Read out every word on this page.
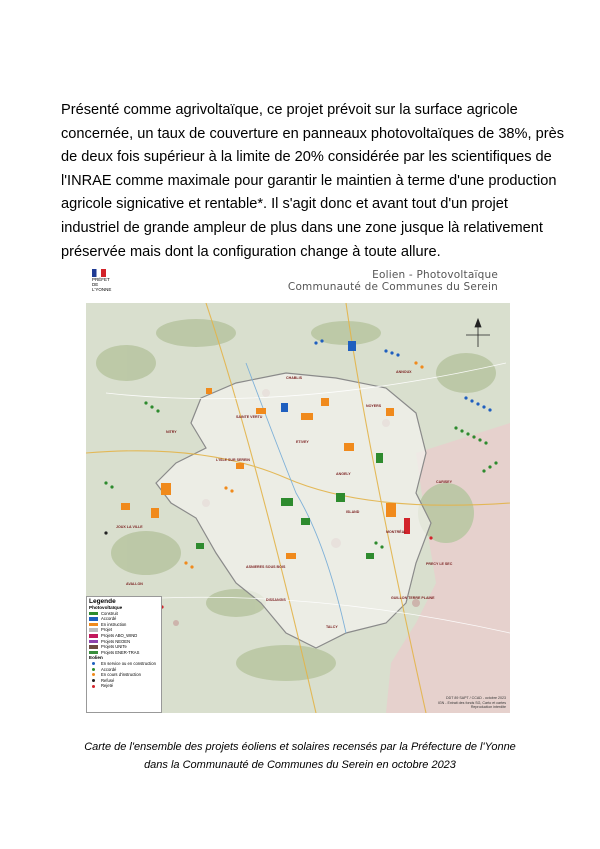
Présenté comme agrivoltaïque, ce projet prévoit sur la surface agricole
concernée, un taux de couverture en panneaux photovoltaïques de 38%, près
de deux fois supérieur à la limite de 20% considérée par les scientifiques de
l'INRAE comme maximale pour garantir le maintien à terme d'une production
agricole signicative et rentable*. Il s'agit donc et avant tout d'un projet
industriel de grande ampleur de plus dans une zone jusque là relativement
préservée mais dont la configuration change à toute allure.
PRÉFET
DE L'YONNE
Eolien - Photovoltaïque
Communauté de Communes du Serein
NOYERS
GUILLON TERRE PLAINE
CHABLIS
L'ISLE SUR SEREIN
JOUX LA VILLE
ANGELY
MONTRÉAL
AVALLON
ETIVEY
SAINTE VERTU
DISSANGIS
ANNOUX
CARISEY
TALCY
NITRY
ISLAND
ASNIERES SOUS BOIS
PRECY LE SEC
Legende
Photovoltaïque
Construit
Accordé
En instruction
Projet
Projets ABO_WIND
Projets NEOEN
Projets UNITe
Projets ENER-TRAS
Eolien
En service ou en construction
Accordé
En cours d'instruction
Refusé
Rejeté
DDT 89 SAPT / CCAD - octobre 2023
IGN - Extrait des fonds SG, Carto et cartes
Reproduction interdite
Carte de l'ensemble des projets éoliens et solaires recensés par la Préfecture de l'Yonne
dans la Communauté de Communes du Serein en octobre 2023
